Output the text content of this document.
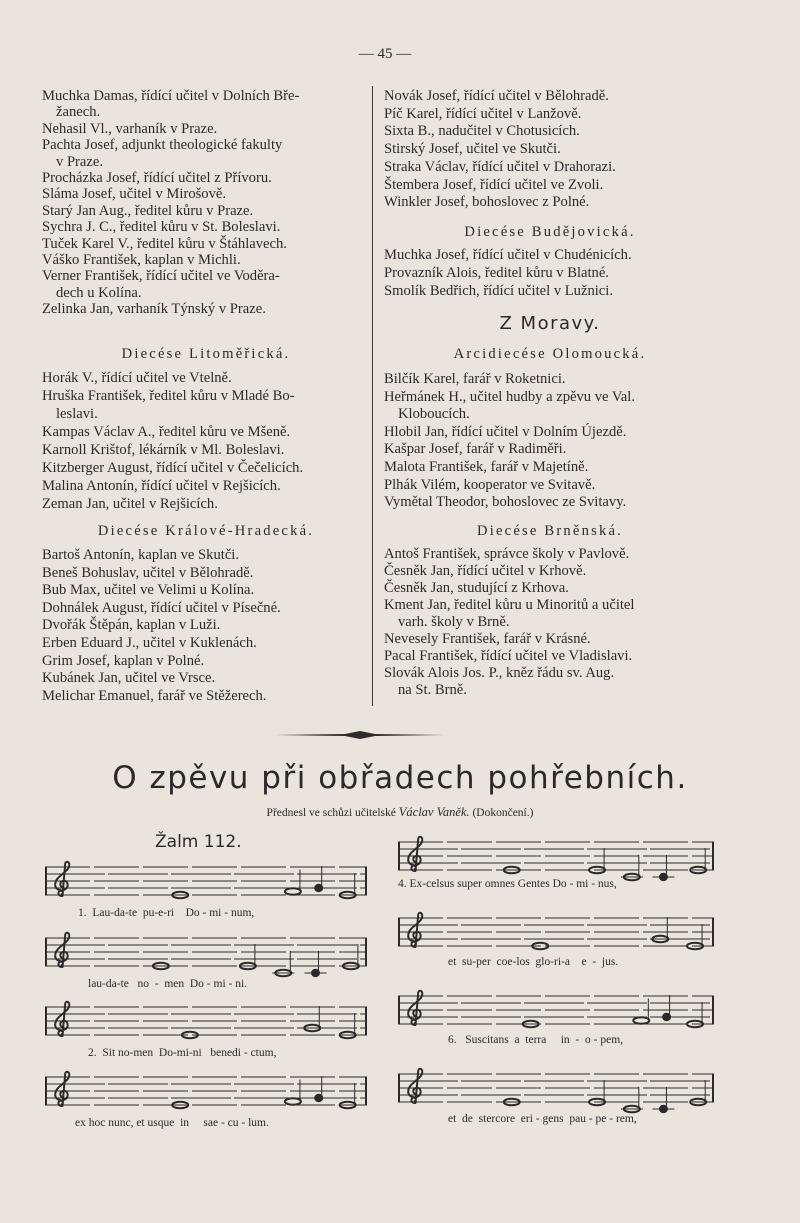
— 45 —
Muchka Damas, řídící učitel v Dolních Bře-
žanech.
Nehasil Vl., varhaník v Praze.
Pachta Josef, adjunkt theologické fakulty
v Praze.
Procházka Josef, řídící učitel z Přívoru.
Sláma Josef, učitel v Mirošově.
Starý Jan Aug., ředitel kůru v Praze.
Sychra J. C., ředitel kůru v St. Boleslavi.
Tuček Karel V., ředitel kůru v Štáhlavech.
Váško František, kaplan v Michli.
Verner František, řídící učitel ve Voděra-
dech u Kolína.
Zelinka Jan, varhaník Týnský v Praze.
Diecése Litoměřická.
Horák V., řídící učitel ve Vtelně.
Hruška František, ředitel kůru v Mladé Bo-
leslavi.
Kampas Václav A., ředitel kůru ve Mšeně.
Karnoll Krištof, lékárník v Ml. Boleslavi.
Kitzberger August, řídící učitel v Čečelicích.
Malina Antonín, řídící učitel v Rejšicích.
Zeman Jan, učitel v Rejšicích.
Diecése Králové-Hradecká.
Bartoš Antonín, kaplan ve Skutči.
Beneš Bohuslav, učitel v Bělohradě.
Bub Max, učitel ve Velimi u Kolína.
Dohnálek August, řídící učitel v Písečné.
Dvořák Štěpán, kaplan v Luži.
Erben Eduard J., učitel v Kuklenách.
Grim Josef, kaplan v Polné.
Kubánek Jan, učitel ve Vrsce.
Melichar Emanuel, farář ve Stěžerech.
Novák Josef, řídící učitel v Bělohradě.
Píč Karel, řídící učitel v Lanžově.
Sixta B., nadučitel v Chotusicích.
Stirský Josef, učitel ve Skutči.
Straka Václav, řídící učitel v Drahorazi.
Štembera Josef, řídící učitel ve Zvoli.
Winkler Josef, bohoslovec z Polné.
Diecése Budějovická.
Muchka Josef, řídící učitel v Chudénicích.
Provazník Alois, ředitel kůru v Blatné.
Smolík Bedřich, řídící učitel v Lužnici.
Z Moravy.
Arcidiecése Olomoucká.
Bilčík Karel, farář v Roketnici.
Heřmánek H., učitel hudby a zpěvu ve Val.
Kloboucích.
Hlobil Jan, řídící učitel v Dolním Újezdě.
Kašpar Josef, farář v Radiměři.
Malota František, farář v Majetíně.
Plhák Vilém, kooperator ve Svitavě.
Vymětal Theodor, bohoslovec ze Svitavy.
Diecése Brněnská.
Antoš František, správce školy v Pavlově.
Česněk Jan, řídící učitel v Krhově.
Česněk Jan, studující z Krhova.
Kment Jan, ředitel kůru u Minoritů a učitel
varh. školy v Brně.
Nevesely František, farář v Krásné.
Pacal František, řídící učitel ve Vladislavi.
Slovák Alois Jos. P., kněz řádu sv. Aug.
na St. Brně.
O zpěvu při obřadech pohřebních.
Přednesl ve schůzi učitelské Václav Vaněk. (Dokončení.)
Žalm 112.
1.  Lau-da-te  pu-e-ri    Do - mi - num,
lau-da-te   no  -  men  Do - mi - ni.
2.  Sit no-men  Do-mi-ni   benedi - ctum,
ex hoc nunc, et usque  in     sae - cu - lum.
4. Ex-celsus super omnes Gentes Do - mi - nus,
et  su-per  coe-los  glo-ri-a    e  -  jus.
6.   Suscitans  a  terra     in  -  o - pem,
et  de  stercore  eri - gens  pau - pe - rem,
